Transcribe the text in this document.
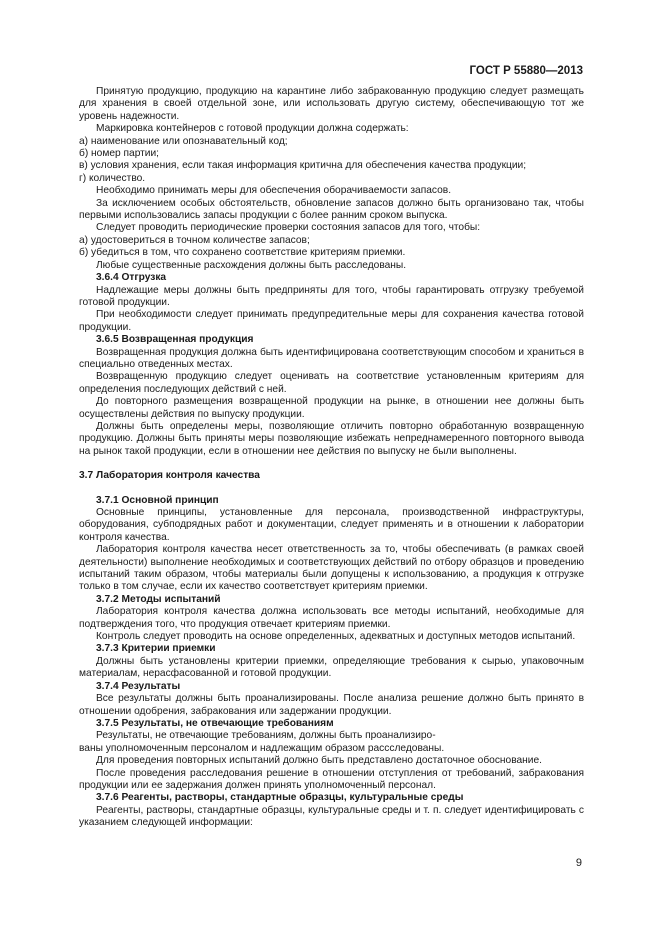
ГОСТ Р 55880—2013

Принятую продукцию, продукцию на карантине либо забракованную продукцию следует размещать для хранения в своей отдельной зоне, или использовать другую систему, обеспечивающую тот же уровень надежности.

Маркировка контейнеров с готовой продукции должна содержать:

а) наименование или опознавательный код;

б) номер партии;

в) условия хранения, если такая информация критична для обеспечения качества продукции;

г) количество.

Необходимо принимать меры для обеспечения оборачиваемости запасов.

За исключением особых обстоятельств, обновление запасов должно быть организовано так, чтобы первыми использовались запасы продукции с более ранним сроком выпуска.

Следует проводить периодические проверки состояния запасов для того, чтобы:

а) удостовериться в точном количестве запасов;

б) убедиться в том, что сохранено соответствие критериям приемки.

Любые существенные расхождения должны быть расследованы.

3.6.4 Отгрузка

Надлежащие меры должны быть предприняты для того, чтобы гарантировать отгрузку требуемой готовой продукции.

При необходимости следует принимать предупредительные меры для сохранения качества готовой продукции.

3.6.5 Возвращенная продукция

Возвращенная продукция должна быть идентифицирована соответствующим способом и храниться в специально отведенных местах.

Возвращенную продукцию следует оценивать на соответствие установленным критериям для определения последующих действий с ней.

До повторного размещения возвращенной продукции на рынке, в отношении нее должны быть осуществлены действия по выпуску продукции.

Должны быть определены меры, позволяющие отличить повторно обработанную возвращенную продукцию. Должны быть приняты меры позволяющие избежать непреднамеренного повторного вывода на рынок такой продукции, если в отношении нее действия по выпуску не были выполнены.

3.7 Лаборатория контроля качества

3.7.1 Основной принцип

Основные принципы, установленные для персонала, производственной инфраструктуры, оборудования, субподрядных работ и документации, следует применять и в отношении к лаборатории контроля качества.

Лаборатория контроля качества несет ответственность за то, чтобы обеспечивать (в рамках своей деятельности) выполнение необходимых и соответствующих действий по отбору образцов и проведению испытаний таким образом, чтобы материалы были допущены к использованию, а продукция к отгрузке только в том случае, если их качество соответствует критериям приемки.

3.7.2 Методы испытаний

Лаборатория контроля качества должна использовать все методы испытаний, необходимые для подтверждения того, что продукция отвечает критериям приемки.

Контроль следует проводить на основе определенных, адекватных и доступных методов испытаний.

3.7.3 Критерии приемки

Должны быть установлены критерии приемки, определяющие требования к сырью, упаковочным материалам, нерасфасованной и готовой продукции.

3.7.4 Результаты

Все результаты должны быть проанализированы. После анализа решение должно быть принято в отношении одобрения, забракования или задержании продукции.

3.7.5 Результаты, не отвечающие требованиям

Результаты, не отвечающие требованиям, должны быть проанализиро-

ваны уполномоченным персоналом и надлежащим образом рассследованы.

Для проведения повторных испытаний должно быть представлено достаточное обоснование.

После проведения расследования решение в отношении отступления от требований, забракования продукции или ее задержания должен принять уполномоченный персонал.

3.7.6 Реагенты, растворы, стандартные образцы, культуральные среды

Реагенты, растворы, стандартные образцы, культуральные среды и т. п. следует идентифицировать с указанием следующей информации:

9
